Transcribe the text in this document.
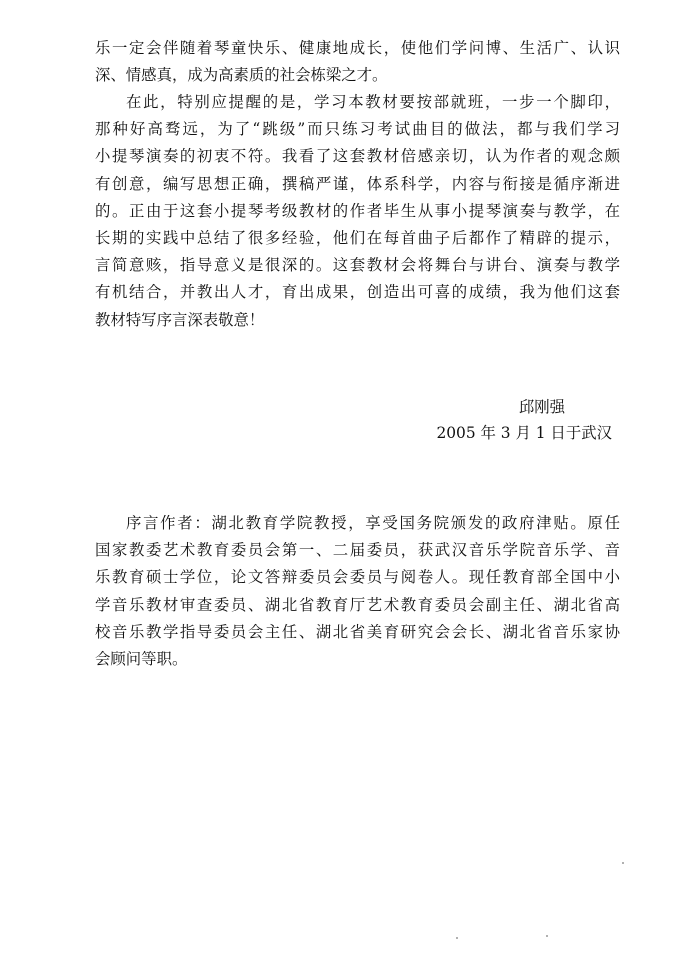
乐一定会伴随着琴童快乐、健康地成长，使他们学问博、生活广、认识
深、情感真，成为高素质的社会栋梁之才。

在此，特别应提醒的是，学习本教材要按部就班，一步一个脚印，
那种好高骛远，为了“跳级”而只练习考试曲目的做法，都与我们学习
小提琴演奏的初衷不符。我看了这套教材倍感亲切，认为作者的观念颇
有创意，编写思想正确，撰稿严谨，体系科学，内容与衔接是循序渐进
的。正由于这套小提琴考级教材的作者毕生从事小提琴演奏与教学，在
长期的实践中总结了很多经验，他们在每首曲子后都作了精辟的提示，
言简意赅，指导意义是很深的。这套教材会将舞台与讲台、演奏与教学
有机结合，并教出人才，育出成果，创造出可喜的成绩，我为他们这套
教材特写序言深表敬意！

邱刚强
2005 年 3 月 1 日于武汉

序言作者：湖北教育学院教授，享受国务院颁发的政府津贴。原任
国家教委艺术教育委员会第一、二届委员，获武汉音乐学院音乐学、音
乐教育硕士学位，论文答辩委员会委员与阅卷人。现任教育部全国中小
学音乐教材审查委员、湖北省教育厅艺术教育委员会副主任、湖北省高
校音乐教学指导委员会主任、湖北省美育研究会会长、湖北省音乐家协
会顾问等职。
